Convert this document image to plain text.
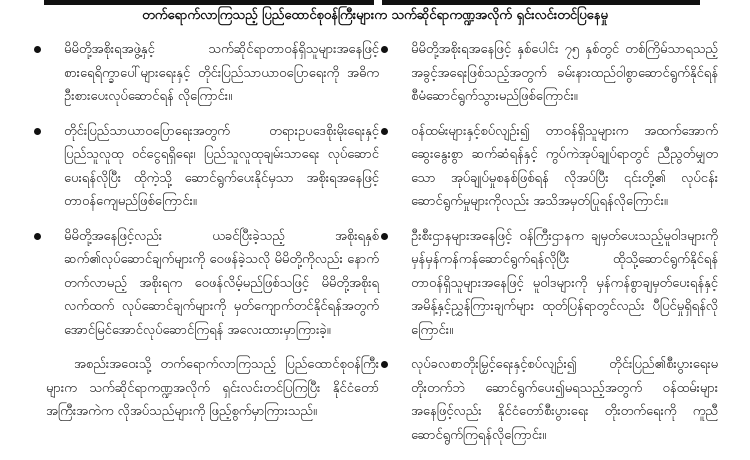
တက်ရောက်လာကြသည့် ပြည်ထောင်စုဝန်ကြီးများက သက်ဆိုင်ရာကဏ္ဍအလိုက် ရှင်းလင်းတင်ပြနေမှု

မိမိတို့အစိုးရအဖွဲ့နှင့် သက်ဆိုင်ရာတာဝန်ရှိသူများအနေဖြင့် စားရေရိက္ခာပေါ်များရေးနှင့် တိုင်းပြည်သာယာဝပြောရေးကို အဓိကဦးစားပေးလုပ်ဆောင်ရန် လိုကြောင်း။

တိုင်းပြည်သာယာဝပြောရေးအတွက် တရားဥပဒေစိုးမိုးရေးနှင့် ပြည်သူလူထု ဝင်ငွေရရှိရေး၊ ပြည်သူလူထုချမ်းသာရေး လုပ်ဆောင်ပေးရန်လိုပြီး ထိုကဲ့သို့ ဆောင်ရွက်ပေးနိုင်မှသာ အစိုးရအနေဖြင့် တာဝန်ကျေမည်ဖြစ်ကြောင်း။

မိမိတို့အနေဖြင့်လည်း ယခင်ပြီးခဲ့သည့် အစိုးရနှစ်ဆက်၏လုပ်ဆောင်ချက်များကို ဝေဖန်ခဲ့သလို မိမိတို့ကိုလည်း နောက်တက်လာမည့် အစိုးရက ဝေဖန်လိမ့်မည်ဖြစ်သဖြင့် မိမိတို့အစိုးရလက်ထက် လုပ်ဆောင်ချက်များကို မှတ်ကျောက်တင်နိုင်ရန်အတွက် အောင်မြင်အောင်လုပ်ဆောင်ကြရန် အလေးထားမှာကြားခဲ့။

အစည်းအဝေးသို့ တက်ရောက်လာကြသည့် ပြည်ထောင်စုဝန်ကြီးများက သက်ဆိုင်ရာကဏ္ဍအလိုက် ရှင်းလင်းတင်ပြကြပြီး နိုင်ငံတော်အကြီးအကဲက လိုအပ်သည်များကို ဖြည့်စွက်မှာကြားသည်။

မိမိတို့အစိုးရအနေဖြင့် နှစ်ပေါင်း ၇၅ နှစ်တွင် တစ်ကြိမ်သာရသည့် အခွင့်အရေးဖြစ်သည့်အတွက် ခမ်းနားထည်ဝါစွာဆောင်ရွက်နိုင်ရန် စီမံဆောင်ရွက်သွားမည်ဖြစ်ကြောင်း။

ဝန်ထမ်းများနှင့်စပ်လျဉ်း၍ တာဝန်ရှိသူများက အထက်အောက် ဆွေးနွေးစွာ ဆက်ဆံရန်နှင့် ကွပ်ကဲအုပ်ချုပ်ရာတွင် ညီညွတ်မျှတသော အုပ်ချုပ်မှုစနစ်ဖြစ်ရန် လိုအပ်ပြီး ၎င်းတို့၏ လုပ်ငန်းဆောင်ရွက်မှုများကိုလည်း အသိအမှတ်ပြုရန်လိုကြောင်း။

ဦးစီးဌာနများအနေဖြင့် ဝန်ကြီးဌာနက ချမှတ်ပေးသည့်မူဝါဒများကို မှန်မှန်ကန်ကန်ဆောင်ရွက်ရန်လိုပြီး ထိုသို့ဆောင်ရွက်နိုင်ရန် တာဝန်ရှိသူများအနေဖြင့် မူဝါဒများကို မှန်ကန်စွာချမှတ်ပေးရန်နှင့် အမိန့်နှင့်ညွှန်ကြားချက်များ ထုတ်ပြန်ရာတွင်လည်း ပီပြင်မှုရှိရန်လိုကြောင်း။

လုပ်ခလစာတိုးမြှင့်ရေးနှင့်စပ်လျဉ်း၍ တိုင်းပြည်၏စီးပွားရေးမတိုးတက်ဘဲ ဆောင်ရွက်ပေး၍မရသည့်အတွက် ဝန်ထမ်းများအနေဖြင့်လည်း နိုင်ငံတော်စီးပွားရေး တိုးတက်ရေးကို ကူညီဆောင်ရွက်ကြရန်လိုကြောင်း။
